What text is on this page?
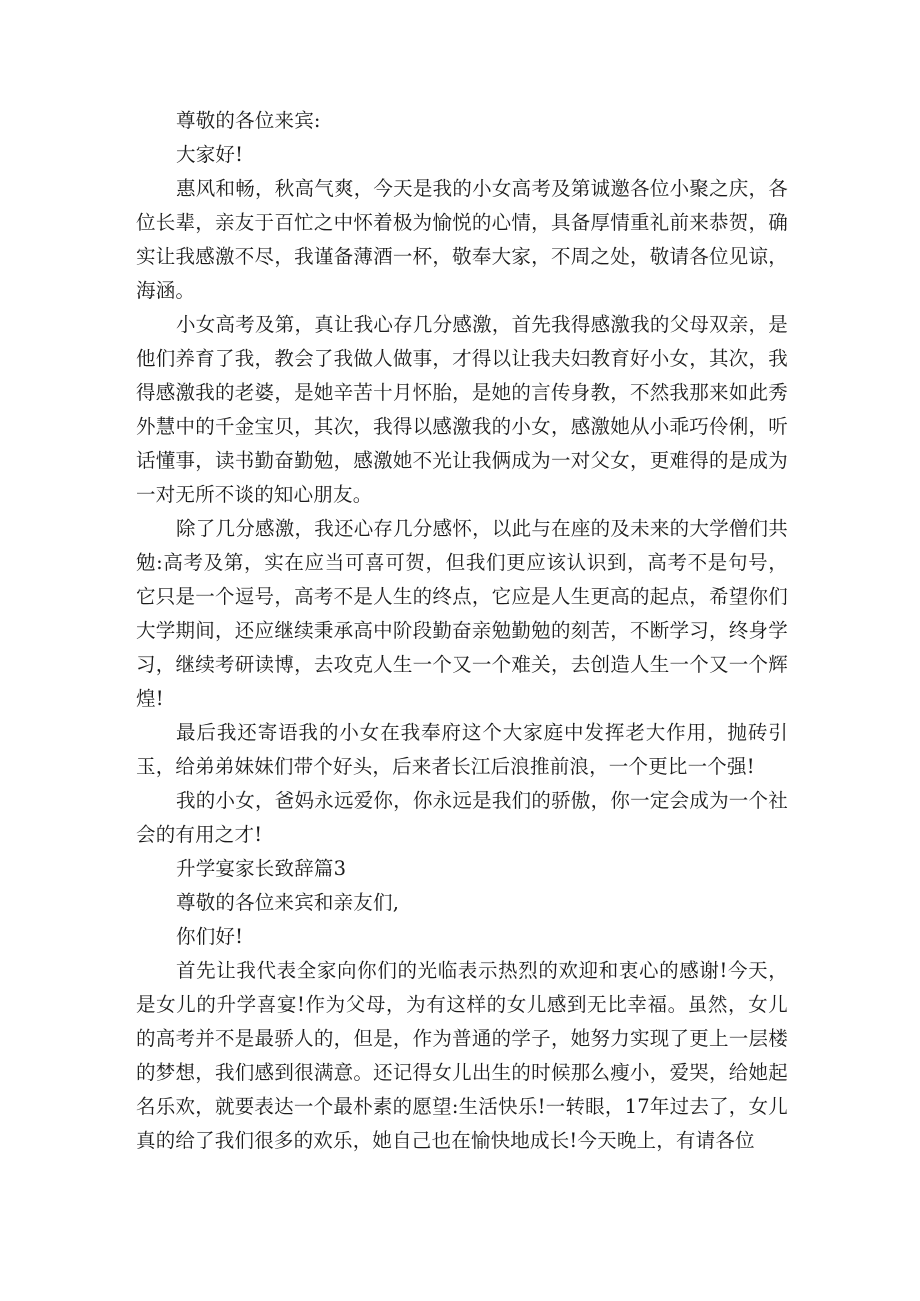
尊敬的各位来宾:

大家好!

惠风和畅，秋高气爽，今天是我的小女高考及第诚邀各位小聚之庆，各位长辈，亲友于百忙之中怀着极为愉悦的心情，具备厚情重礼前来恭贺，确实让我感激不尽，我谨备薄酒一杯，敬奉大家，不周之处，敬请各位见谅，海涵。

小女高考及第，真让我心存几分感激，首先我得感激我的父母双亲，是他们养育了我，教会了我做人做事，才得以让我夫妇教育好小女，其次，我得感激我的老婆，是她辛苦十月怀胎，是她的言传身教，不然我那来如此秀外慧中的千金宝贝，其次，我得以感激我的小女，感激她从小乖巧伶俐，听话懂事，读书勤奋勤勉，感激她不光让我俩成为一对父女，更难得的是成为一对无所不谈的知心朋友。

除了几分感激，我还心存几分感怀，以此与在座的及未来的大学僧们共勉:高考及第，实在应当可喜可贺，但我们更应该认识到，高考不是句号，它只是一个逗号，高考不是人生的终点，它应是人生更高的起点，希望你们大学期间，还应继续秉承高中阶段勤奋亲勉勤勉的刻苦，不断学习，终身学习，继续考研读博，去攻克人生一个又一个难关，去创造人生一个又一个辉煌!

最后我还寄语我的小女在我奉府这个大家庭中发挥老大作用，抛砖引玉，给弟弟妹妹们带个好头，后来者长江后浪推前浪，一个更比一个强!

我的小女，爸妈永远爱你，你永远是我们的骄傲，你一定会成为一个社会的有用之才!

升学宴家长致辞篇3

尊敬的各位来宾和亲友们,

你们好!

首先让我代表全家向你们的光临表示热烈的欢迎和衷心的感谢!今天，是女儿的升学喜宴!作为父母，为有这样的女儿感到无比幸福。虽然，女儿的高考并不是最骄人的，但是，作为普通的学子，她努力实现了更上一层楼的梦想，我们感到很满意。还记得女儿出生的时候那么瘦小，爱哭，给她起名乐欢，就要表达一个最朴素的愿望:生活快乐!一转眼，17年过去了，女儿真的给了我们很多的欢乐，她自己也在愉快地成长!今天晚上，有请各位
